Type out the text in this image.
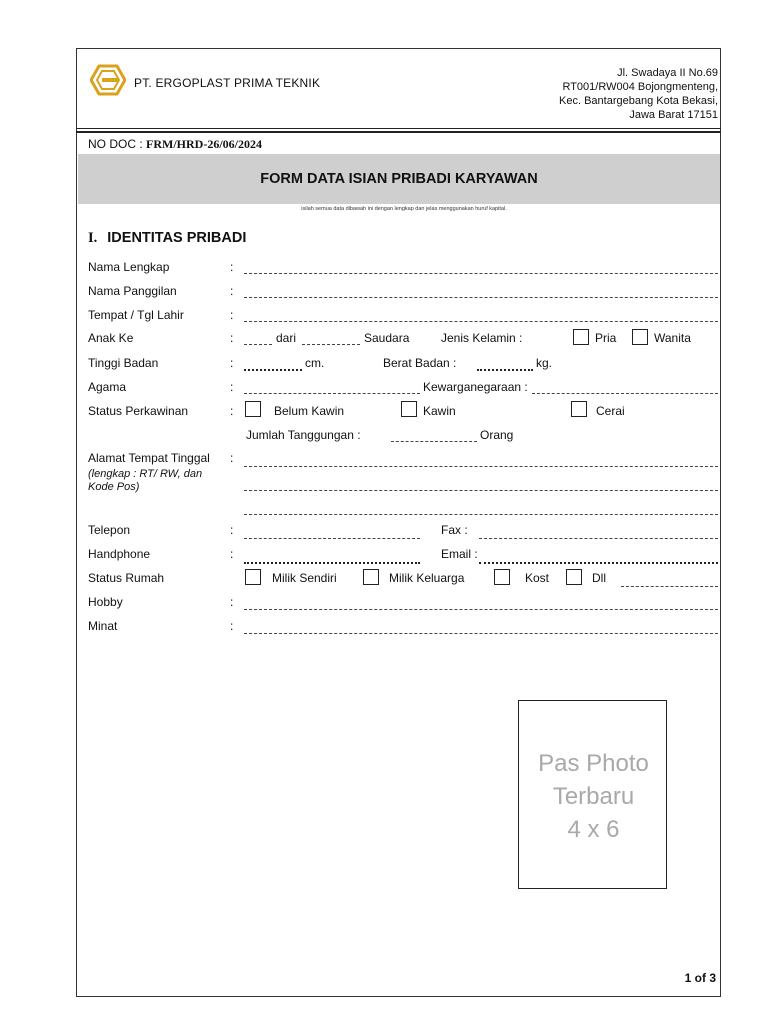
PT. ERGOPLAST PRIMA TEKNIK
Jl. Swadaya II No.69
RT001/RW004 Bojongmenteng,
Kec. Bantargebang Kota Bekasi,
Jawa Barat 17151
NO DOC : FRM/HRD-26/06/2024
FORM DATA ISIAN PRIBADI KARYAWAN
isilah semua data dibawah ini dengan lengkap dan jelas menggunakan huruf kapital.
I. IDENTITAS PRIBADI
Nama Lengkap	:
Nama Panggilan	:
Tempat / Tgl Lahir	:
Anak Ke	:	dari	Saudara	Jenis Kelamin :	Pria	Wanita
Tinggi Badan	:	cm.	Berat Badan :	kg.
Agama	:	Kewarganegaraan :
Status Perkawinan	:	Belum Kawin	Kawin	Cerai
Jumlah Tanggungan :	Orang
Alamat Tempat Tinggal :
(lengkap : RT/ RW, dan
Kode Pos)
Telepon	:	Fax :
Handphone	:	Email :
Status Rumah	Milik Sendiri	Milik Keluarga	Kost	Dll
Hobby	:
Minat	:
Pas Photo
Terbaru
4 x 6
1 of 3
